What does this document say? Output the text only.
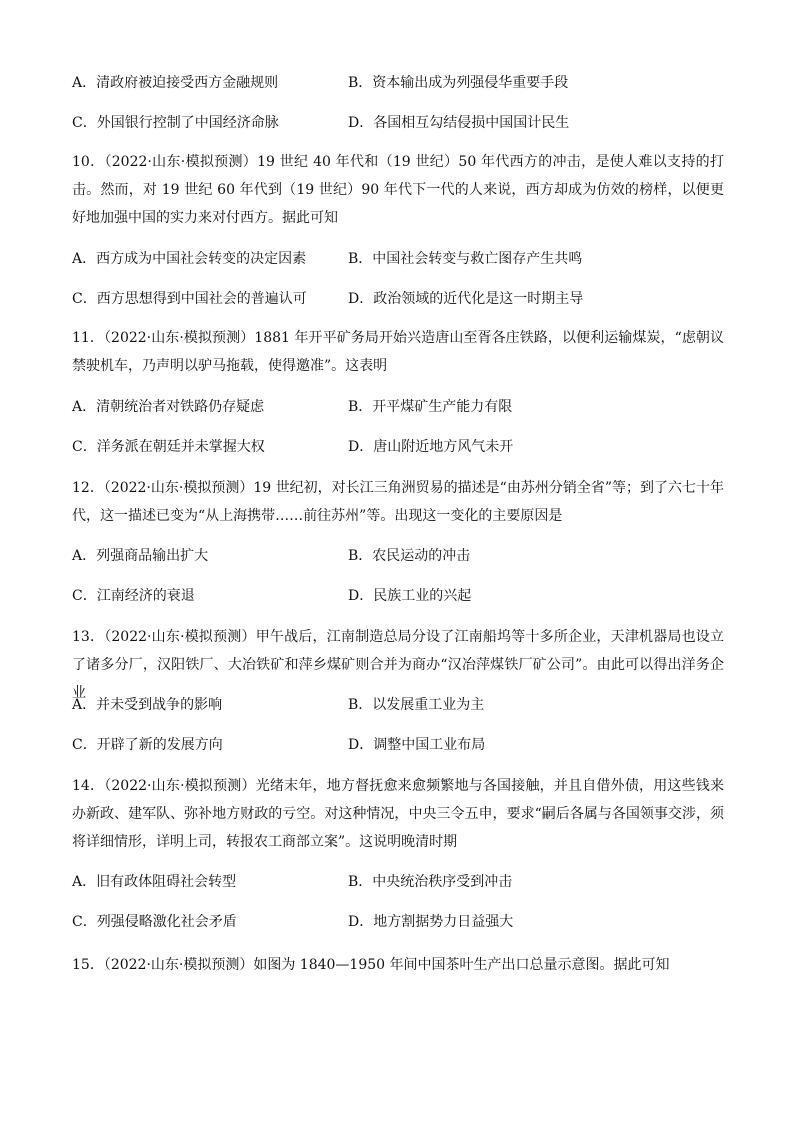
A．清政府被迫接受西方金融规则	B．资本输出成为列强侵华重要手段
C．外国银行控制了中国经济命脉	D．各国相互勾结侵损中国国计民生
10．（2022·山东·模拟预测）19 世纪 40 年代和（19 世纪）50 年代西方的冲击，是使人难以支持的打击。然而，对 19 世纪 60 年代到（19 世纪）90 年代下一代的人来说，西方却成为仿效的榜样，以便更好地加强中国的实力来对付西方。据此可知
A．西方成为中国社会转变的决定因素	B．中国社会转变与救亡图存产生共鸣
C．西方思想得到中国社会的普遍认可	D．政治领域的近代化是这一时期主导
11．（2022·山东·模拟预测）1881 年开平矿务局开始兴造唐山至胥各庄铁路，以便利运输煤炭，“虑朝议禁驶机车，乃声明以驴马拖载，使得邀准”。这表明
A．清朝统治者对铁路仍存疑虑	B．开平煤矿生产能力有限
C．洋务派在朝廷并未掌握大权	D．唐山附近地方风气未开
12．（2022·山东·模拟预测）19 世纪初，对长江三角洲贸易的描述是“由苏州分销全省”等；到了六七十年代，这一描述已变为“从上海携带……前往苏州”等。出现这一变化的主要原因是
A．列强商品输出扩大	B．农民运动的冲击
C．江南经济的衰退	D．民族工业的兴起
13．（2022·山东·模拟预测）甲午战后，江南制造总局分设了江南船坞等十多所企业，天津机器局也设立了诸多分厂，汉阳铁厂、大冶铁矿和萍乡煤矿则合并为商办“汉冶萍煤铁厂矿公司”。由此可以得出洋务企业
A．并未受到战争的影响	B．以发展重工业为主
C．开辟了新的发展方向	D．调整中国工业布局
14．（2022·山东·模拟预测）光绪末年，地方督抚愈来愈频繁地与各国接触，并且自借外债，用这些钱来办新政、建军队、弥补地方财政的亏空。对这种情况，中央三令五申，要求“嗣后各属与各国领事交涉，须将详细情形，详明上司，转报农工商部立案”。这说明晚清时期
A．旧有政体阻碍社会转型	B．中央统治秩序受到冲击
C．列强侵略激化社会矛盾	D．地方割据势力日益强大
15．（2022·山东·模拟预测）如图为 1840—1950 年间中国茶叶生产出口总量示意图。据此可知
